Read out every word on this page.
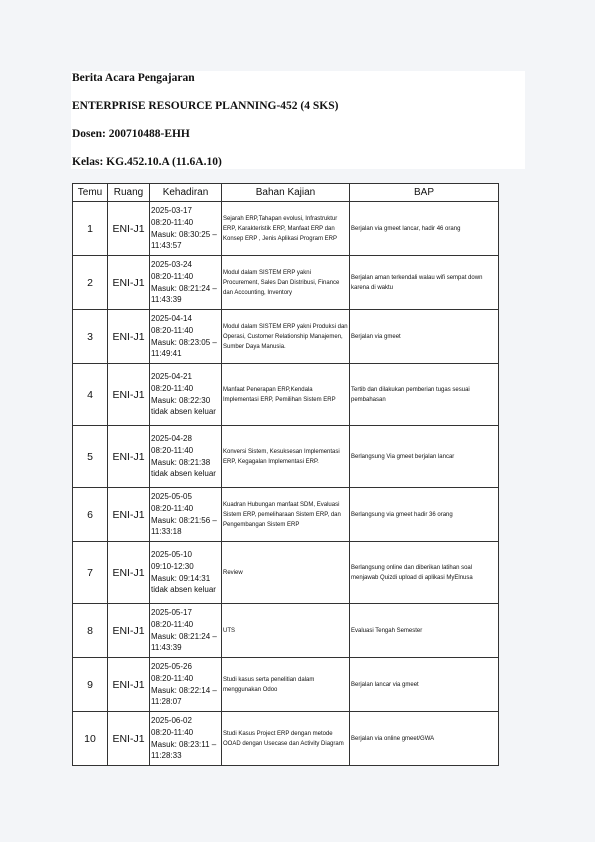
Berita Acara Pengajaran
ENTERPRISE RESOURCE PLANNING-452 (4 SKS)
Dosen: 200710488-EHH
Kelas: KG.452.10.A (11.6A.10)
Temu	Ruang	Kehadiran	Bahan Kajian	BAP
1	ENI-J1	2025-03-17
08:20-11:40
Masuk: 08:30:25 –11:43:57	Sejarah ERP,Tahapan evolusi, Infrastruktur ERP, Karakteristik ERP, Manfaat ERP dan Konsep ERP , Jenis Aplikasi Program ERP	Berjalan via gmeet lancar, hadir 46 orang
2	ENI-J1	2025-03-24
08:20-11:40
Masuk: 08:21:24 – 11:43:39	Modul dalam SISTEM ERP yakni Procurement, Sales Dan Distribusi, Finance dan Accounting, Inventory	Berjalan aman terkendali walau wifi sempat down karena di waktu
3	ENI-J1	2025-04-14
08:20-11:40
Masuk: 08:23:05 –11:49:41	Modul dalam SISTEM ERP yakni Produksi dan Operasi, Customer Relationship Manajemen, Sumber Daya Manusia.	Berjalan via gmeet
4	ENI-J1	2025-04-21
08:20-11:40
Masuk: 08:22:30 tidak absen keluar	Manfaat Penerapan ERP,Kendala Implementasi ERP, Pemilihan Sistem ERP	Tertib dan dilakukan pemberian tugas sesuai pembahasan
5	ENI-J1	2025-04-28
08:20-11:40
Masuk: 08:21:38 tidak absen keluar	Konversi Sistem, Kesuksesan Implementasi ERP, Kegagalan Implementasi ERP.	Berlangsung Via gmeet berjalan lancar
6	ENI-J1	2025-05-05
08:20-11:40
Masuk: 08:21:56 – 11:33:18	Kuadran Hubungan manfaat SDM, Evaluasi Sistem ERP, pemeliharaan Sistem ERP, dan Pengembangan Sistem ERP	Berlangsung via gmeet hadir 36 orang
7	ENI-J1	2025-05-10
09:10-12:30
Masuk: 09:14:31 tidak absen keluar	Review	Berlangsung online dan diberikan latihan soal menjawab Quizdi upload di aplikasi MyElnusa
8	ENI-J1	2025-05-17
08:20-11:40
Masuk: 08:21:24 – 11:43:39	UTS	Evaluasi Tengah Semester
9	ENI-J1	2025-05-26
08:20-11:40
Masuk: 08:22:14 – 11:28:07	Studi kasus serta penelitian dalam menggunakan Odoo	Berjalan lancar via gmeet
10	ENI-J1	2025-06-02
08:20-11:40
Masuk: 08:23:11 – 11:28:33	Studi Kasus Project ERP dengan metode OOAD dengan Usecase dan Activity Diagram	Berjalan via online gmeet/GWA
